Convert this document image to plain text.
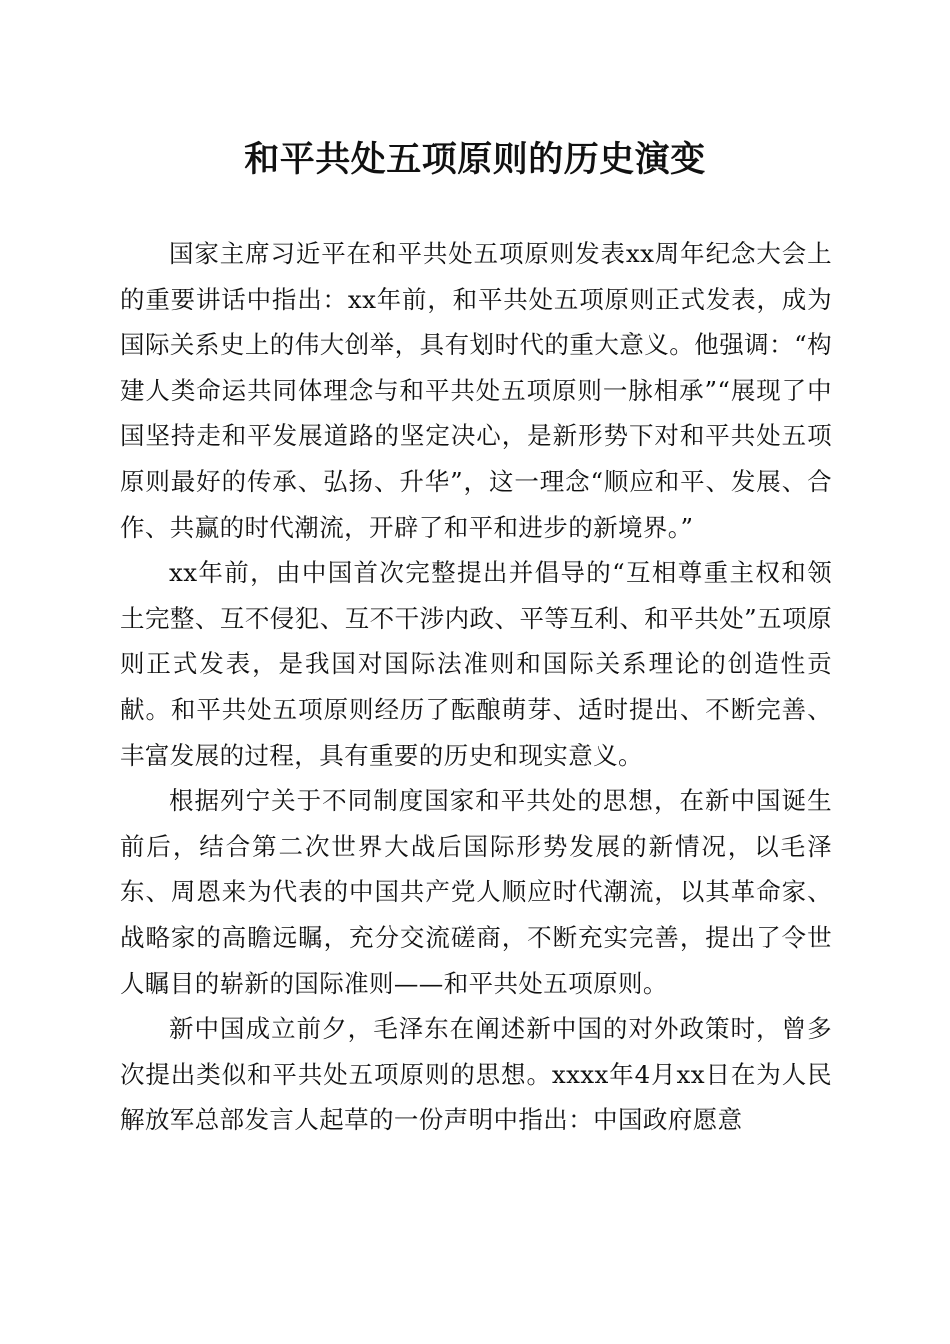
和平共处五项原则的历史演变

国家主席习近平在和平共处五项原则发表xx周年纪念大会上的重要讲话中指出：xx年前，和平共处五项原则正式发表，成为国际关系史上的伟大创举，具有划时代的重大意义。他强调：“构建人类命运共同体理念与和平共处五项原则一脉相承”“展现了中国坚持走和平发展道路的坚定决心，是新形势下对和平共处五项原则最好的传承、弘扬、升华”，这一理念“顺应和平、发展、合作、共赢的时代潮流，开辟了和平和进步的新境界。”

xx年前，由中国首次完整提出并倡导的“互相尊重主权和领土完整、互不侵犯、互不干涉内政、平等互利、和平共处”五项原则正式发表，是我国对国际法准则和国际关系理论的创造性贡献。和平共处五项原则经历了酝酿萌芽、适时提出、不断完善、丰富发展的过程，具有重要的历史和现实意义。

根据列宁关于不同制度国家和平共处的思想，在新中国诞生前后，结合第二次世界大战后国际形势发展的新情况，以毛泽东、周恩来为代表的中国共产党人顺应时代潮流，以其革命家、战略家的高瞻远瞩，充分交流磋商，不断充实完善，提出了令世人瞩目的崭新的国际准则——和平共处五项原则。

新中国成立前夕，毛泽东在阐述新中国的对外政策时，曾多次提出类似和平共处五项原则的思想。xxxx年4月xx日在为人民解放军总部发言人起草的一份声明中指出：中国政府愿意
